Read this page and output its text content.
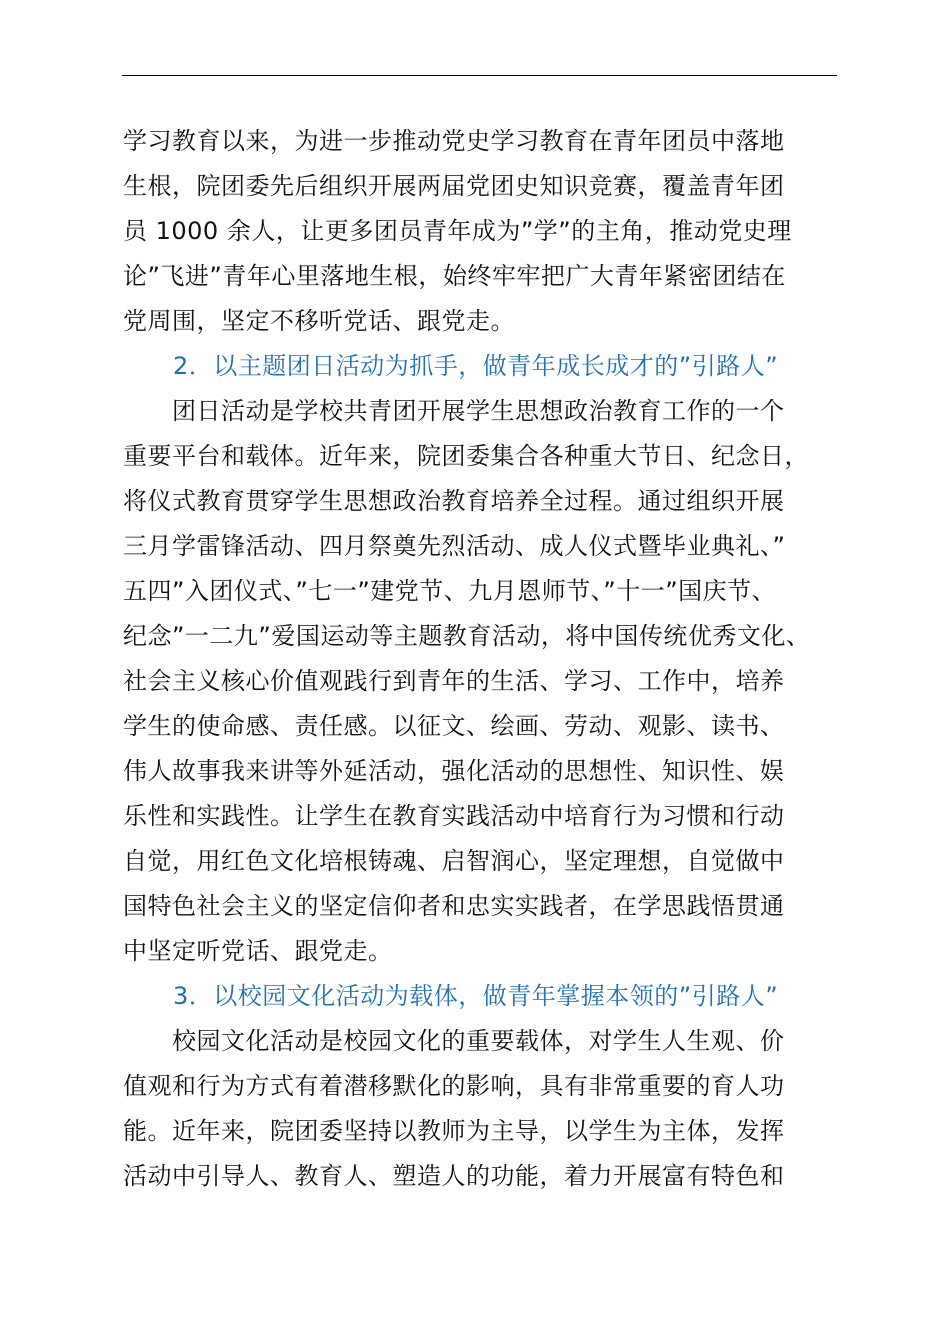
学习教育以来，为进一步推动党史学习教育在青年团员中落地
生根，院团委先后组织开展两届党团史知识竞赛，覆盖青年团
员 1000 余人，让更多团员青年成为”学”的主角，推动党史理
论”飞进”青年心里落地生根，始终牢牢把广大青年紧密团结在
党周围，坚定不移听党话、跟党走。
2．以主题团日活动为抓手，做青年成长成才的”引路人”
　　团日活动是学校共青团开展学生思想政治教育工作的一个
重要平台和载体。近年来，院团委集合各种重大节日、纪念日，
将仪式教育贯穿学生思想政治教育培养全过程。通过组织开展
三月学雷锋活动、四月祭奠先烈活动、成人仪式暨毕业典礼、”
五四”入团仪式、”七一”建党节、九月恩师节、”十一”国庆节、
纪念”一二九”爱国运动等主题教育活动，将中国传统优秀文化、
社会主义核心价值观践行到青年的生活、学习、工作中，培养
学生的使命感、责任感。以征文、绘画、劳动、观影、读书、
伟人故事我来讲等外延活动，强化活动的思想性、知识性、娱
乐性和实践性。让学生在教育实践活动中培育行为习惯和行动
自觉，用红色文化培根铸魂、启智润心，坚定理想，自觉做中
国特色社会主义的坚定信仰者和忠实实践者，在学思践悟贯通
中坚定听党话、跟党走。
3．以校园文化活动为载体，做青年掌握本领的”引路人”
　　校园文化活动是校园文化的重要载体，对学生人生观、价
值观和行为方式有着潜移默化的影响，具有非常重要的育人功
能。近年来，院团委坚持以教师为主导，以学生为主体，发挥
活动中引导人、教育人、塑造人的功能，着力开展富有特色和
